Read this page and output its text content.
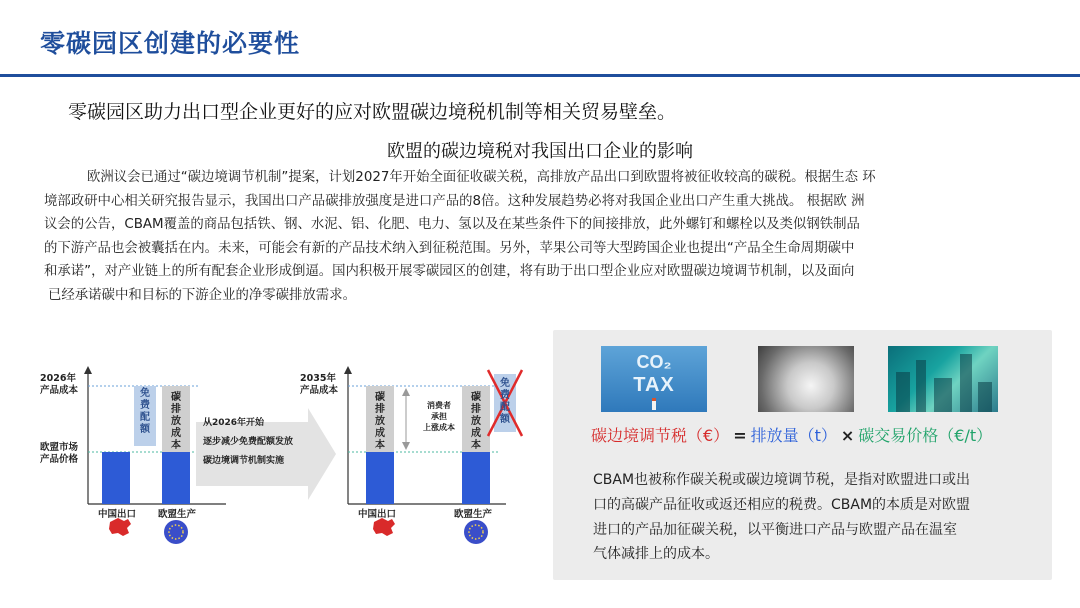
零碳园区创建的必要性
零碳园区助力出口型企业更好的应对欧盟碳边境税机制等相关贸易壁垒。
欧盟的碳边境税对我国出口企业的影响
欧洲议会已通过“碳边境调节机制”提案，计划2027年开始全面征收碳关税，高排放产品出口到欧盟将被征收较高的碳税。根据生态 环
境部政研中心相关研究报告显示，我国出口产品碳排放强度是进口产品的8倍。这种发展趋势必将对我国企业出口产生重大挑战。 根据欧 洲
议会的公告，CBAM覆盖的商品包括铁、钢、水泥、铝、化肥、电力、氢以及在某些条件下的间接排放，此外螺钉和螺栓以及类似钢铁制品
的下游产品也会被囊括在内。未来，可能会有新的产品技术纳入到征税范围。另外，苹果公司等大型跨国企业也提出“产品全生命周期碳中
和承诺”，对产业链上的所有配套企业形成倒逼。国内积极开展零碳园区的创建，将有助于出口型企业应对欧盟碳边境调节机制，以及面向
已经承诺碳中和目标的下游企业的净零碳排放需求。
CO₂
TAX
碳边境调节税（€） = 排放量（t） × 碳交易价格（€/t）
CBAM也被称作碳关税或碳边境调节税，是指对欧盟进口或出
口的高碳产品征收或返还相应的税费。CBAM的本质是对欧盟
进口的产品加征碳关税，以平衡进口产品与欧盟产品在温室
气体减排上的成本。
2026年
产品成本
欧盟市场
产品价格
免费配额
碳排放成本
中国出口 欧盟生产
从2026年开始
逐步减少免费配额发放
碳边境调节机制实施
2035年
产品成本
碳排放成本
消费者
承担
上涨成本
碳排放成本
免费配额
中国出口	欧盟生产
